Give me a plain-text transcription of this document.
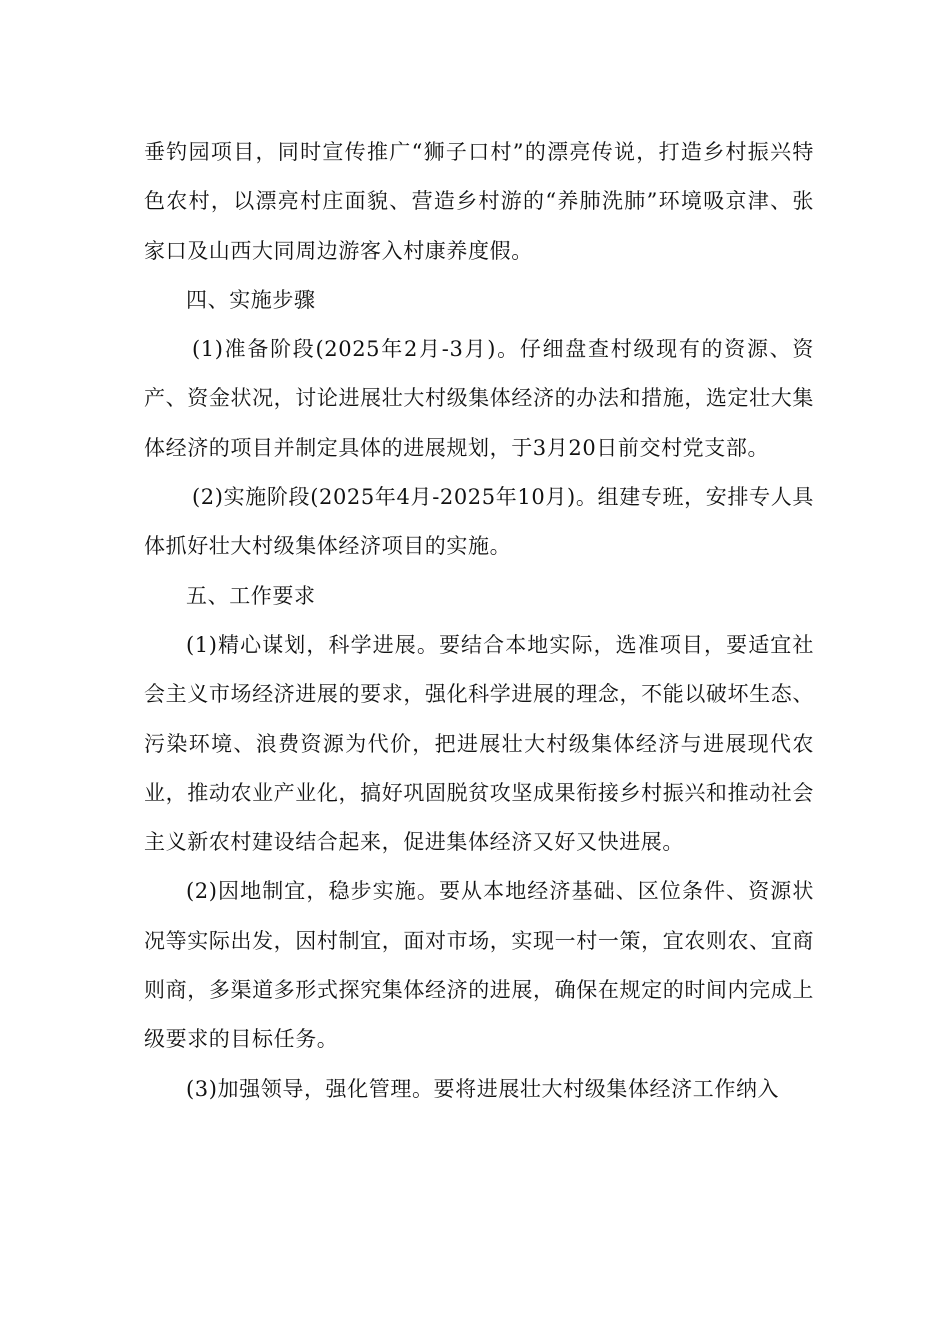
垂钓园项目，同时宣传推广“狮子口村”的漂亮传说，打造乡村振兴特色农村，以漂亮村庄面貌、营造乡村游的“养肺洗肺”环境吸京津、张家口及山西大同周边游客入村康养度假。

四、实施步骤

(1)准备阶段(2025年2月-3月)。仔细盘查村级现有的资源、资产、资金状况，讨论进展壮大村级集体经济的办法和措施，选定壮大集体经济的项目并制定具体的进展规划，于3月20日前交村党支部。

(2)实施阶段(2025年4月-2025年10月)。组建专班，安排专人具体抓好壮大村级集体经济项目的实施。

五、工作要求

(1)精心谋划，科学进展。要结合本地实际，选准项目，要适宜社会主义市场经济进展的要求，强化科学进展的理念，不能以破坏生态、污染环境、浪费资源为代价，把进展壮大村级集体经济与进展现代农业，推动农业产业化，搞好巩固脱贫攻坚成果衔接乡村振兴和推动社会主义新农村建设结合起来，促进集体经济又好又快进展。

(2)因地制宜，稳步实施。要从本地经济基础、区位条件、资源状况等实际出发，因村制宜，面对市场，实现一村一策，宜农则农、宜商则商，多渠道多形式探究集体经济的进展，确保在规定的时间内完成上级要求的目标任务。

(3)加强领导，强化管理。要将进展壮大村级集体经济工作纳入
